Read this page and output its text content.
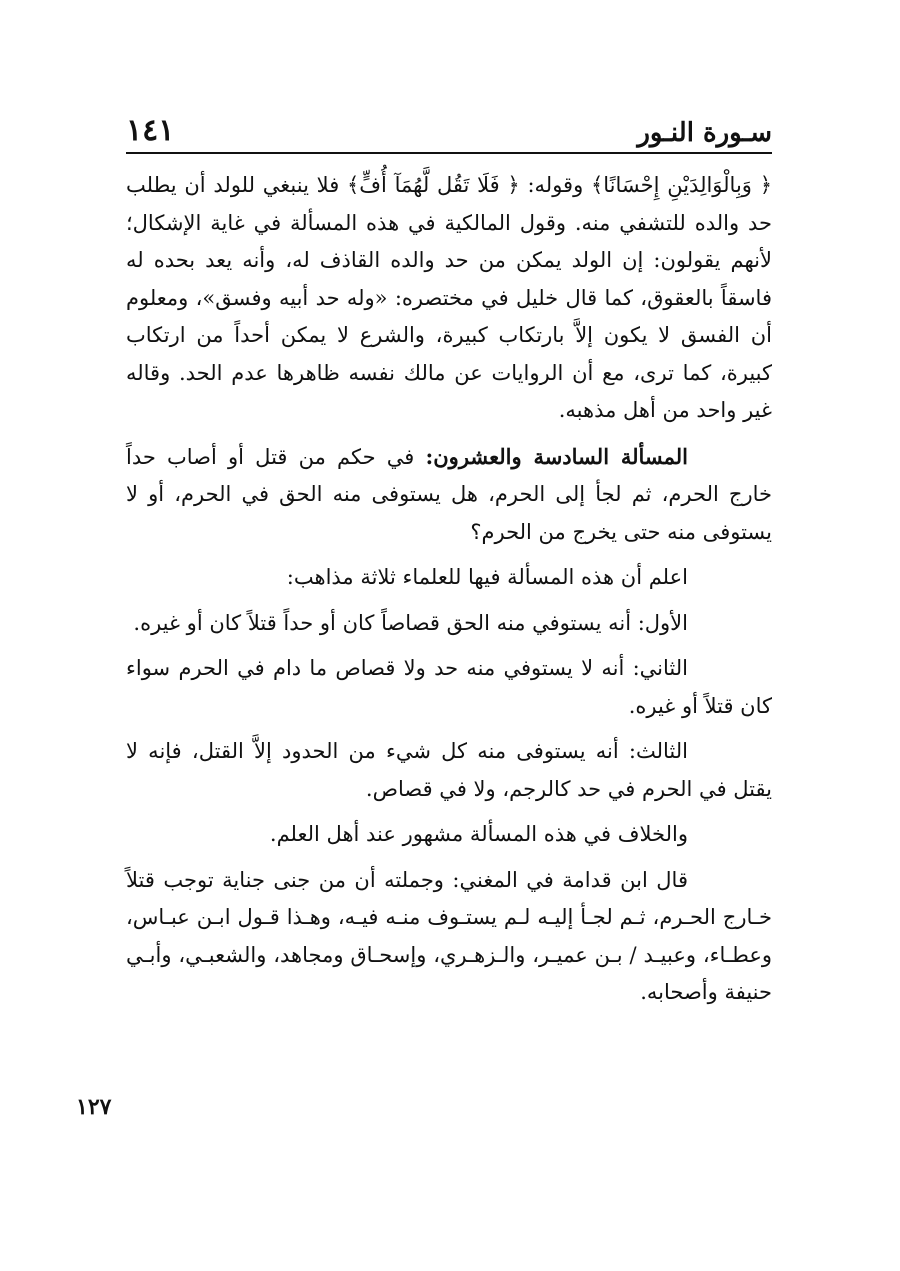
سـورة النـور
١٤١

﴿ وَبِالْوَالِدَيْنِ إِحْسَانًا﴾ وقوله: ﴿ فَلَا تَقُل لَّهُمَآ أُفٍّ﴾ فلا ينبغي للولد أن يطلب حد والده للتشفي منه. وقول المالكية في هذه المسألة في غاية الإشكال؛ لأنهم يقولون: إن الولد يمكن من حد والده القاذف له، وأنه يعد بحده له فاسقاً بالعقوق، كما قال خليل في مختصره: «وله حد أبيه وفسق»، ومعلوم أن الفسق لا يكون إلاَّ بارتكاب كبيرة، والشرع لا يمكن أحداً من ارتكاب كبيرة، كما ترى، مع أن الروايات عن مالك نفسه ظاهرها عدم الحد. وقاله غير واحد من أهل مذهبه.

المسألة السادسة والعشرون: في حكم من قتل أو أصاب حداً خارج الحرم، ثم لجأ إلى الحرم، هل يستوفى منه الحق في الحرم، أو لا يستوفى منه حتى يخرج من الحرم؟

اعلم أن هذه المسألة فيها للعلماء ثلاثة مذاهب:

الأول: أنه يستوفي منه الحق قصاصاً كان أو حداً قتلاً كان أو غيره.

الثاني: أنه لا يستوفي منه حد ولا قصاص ما دام في الحرم سواء كان قتلاً أو غيره.

الثالث: أنه يستوفى منه كل شيء من الحدود إلاَّ القتل، فإنه لا يقتل في الحرم في حد كالرجم، ولا في قصاص.

والخلاف في هذه المسألة مشهور عند أهل العلم.

قال ابن قدامة في المغني: وجملته أن من جنى جناية توجب قتلاً خـارج الحـرم، ثـم لجـأ إليـه لـم يستـوف منـه فيـه، وهـذا قـول ابـن عبـاس، وعطـاء، وعبيـد / بـن عميـر، والـزهـري، وإسحـاق ومجاهد، والشعبـي، وأبـي حنيفة وأصحابه.

١٢٧
